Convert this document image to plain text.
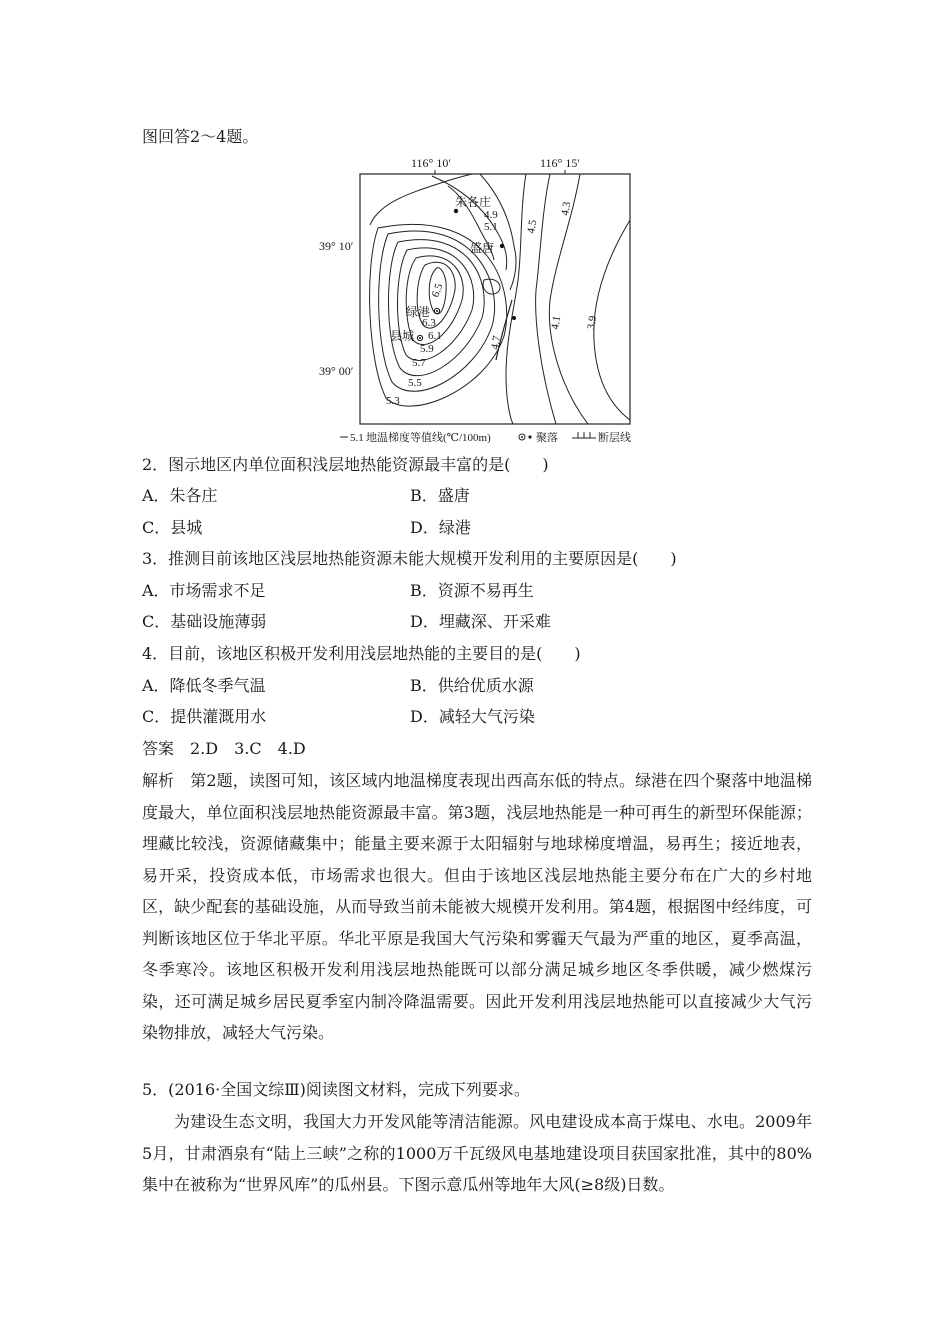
图回答2～4题。
116° 10′	116° 15′
39° 10′
39° 00′
4.9
5.1 4.5
4.3
6.5
6.3
6.1
5.9
5.7
5.5
5.3
4.7
4.1 3.9
朱各庄
盛唐
绿港
县城
5.1 地温梯度等值线(℃/100m)	聚落	断层线
2．图示地区内单位面积浅层地热能资源最丰富的是(　　)
A．朱各庄	B．盛唐
C．县城	D．绿港
3．推测目前该地区浅层地热能资源未能大规模开发利用的主要原因是(　　)
A．市场需求不足	B．资源不易再生
C．基础设施薄弱	D．埋藏深、开采难
4．目前，该地区积极开发利用浅层地热能的主要目的是(　　)
A．降低冬季气温	B．供给优质水源
C．提供灌溉用水	D．减轻大气污染
答案　2.D　3.C　4.D
解析　第2题，读图可知，该区域内地温梯度表现出西高东低的特点。绿港在四个聚落中地温梯度最大，单位面积浅层地热能资源最丰富。第3题，浅层地热能是一种可再生的新型环保能源；埋藏比较浅，资源储藏集中；能量主要来源于太阳辐射与地球梯度增温，易再生；接近地表，易开采，投资成本低，市场需求也很大。但由于该地区浅层地热能主要分布在广大的乡村地区，缺少配套的基础设施，从而导致当前未能被大规模开发利用。第4题，根据图中经纬度，可判断该地区位于华北平原。华北平原是我国大气污染和雾霾天气最为严重的地区，夏季高温，冬季寒冷。该地区积极开发利用浅层地热能既可以部分满足城乡地区冬季供暖，减少燃煤污染，还可满足城乡居民夏季室内制冷降温需要。因此开发利用浅层地热能可以直接减少大气污染物排放，减轻大气污染。
5．(2016·全国文综Ⅲ)阅读图文材料，完成下列要求。
为建设生态文明，我国大力开发风能等清洁能源。风电建设成本高于煤电、水电。2009年5月，甘肃酒泉有“陆上三峡”之称的1000万千瓦级风电基地建设项目获国家批准，其中的80%集中在被称为“世界风库”的瓜州县。下图示意瓜州等地年大风(≥8级)日数。
